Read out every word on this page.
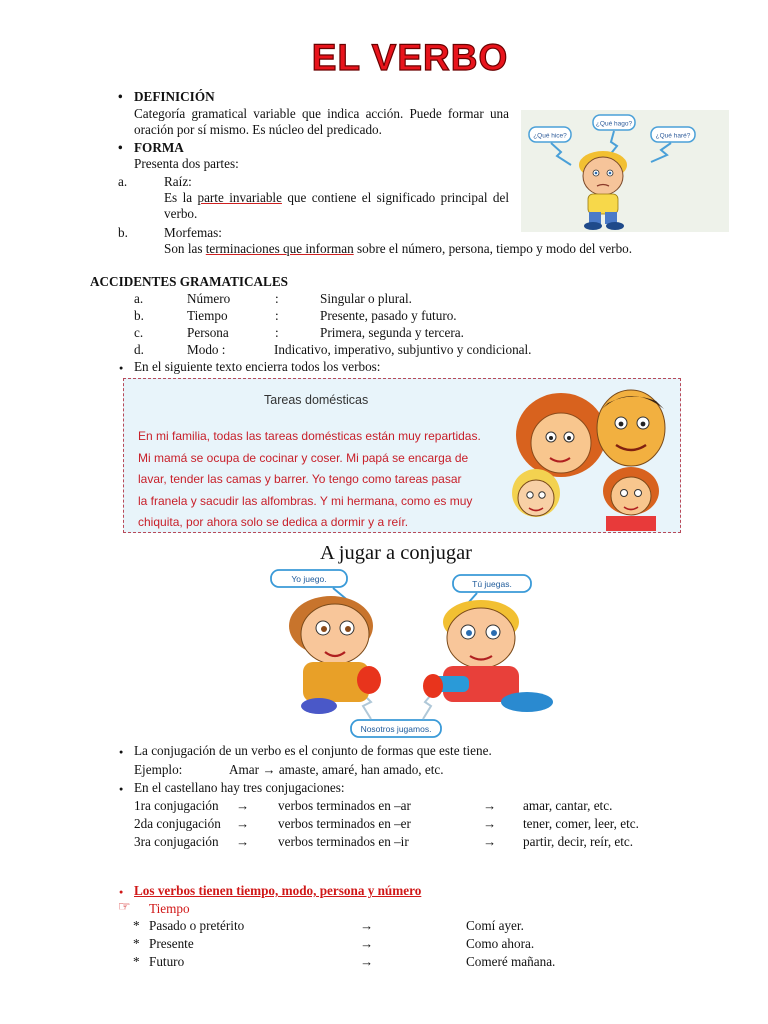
EL VERBO
• DEFINICIÓN
Categoría gramatical variable que indica acción. Puede formar una oración por sí mismo. Es núcleo del predicado.
• FORMA
Presenta dos partes:
a.	Raíz:
Es la parte invariable que contiene el significado principal del verbo.
b.	Morfemas:
Son las terminaciones que informan sobre el número, persona, tiempo y modo del verbo.
¿Qué hago?
¿Qué hice?	¿Qué haré?
ACCIDENTES GRAMATICALES
a.	Número	:	Singular o plural.
b.	Tiempo	:	Presente, pasado y futuro.
c.	Persona	:	Primera, segunda y tercera.
d.	Modo :	Indicativo, imperativo, subjuntivo y condicional.
● En el siguiente texto encierra todos los verbos:
Tareas domésticas
En mi familia, todas las tareas domésticas están muy repartidas.
Mi mamá se ocupa de cocinar y coser. Mi papá se encarga de
lavar, tender las camas y barrer. Yo tengo como tareas pasar
la franela y sacudir las alfombras. Y mi hermana, como es muy
chiquita, por ahora solo se dedica a dormir y a reír.
A jugar a conjugar
Yo juego.	Tú juegas.
Nosotros jugamos.
● La conjugación de un verbo es el conjunto de formas que este tiene.
Ejemplo:	Amar → amaste, amaré, han amado, etc.
● En el castellano hay tres conjugaciones:
1ra conjugación → verbos terminados en –ar	→ amar, cantar, etc.
2da conjugación → verbos terminados en –er	→ tener, comer, leer, etc.
3ra conjugación → verbos terminados en –ir	→ partir, decir, reír, etc.
● Los verbos tienen tiempo, modo, persona y número
☞ Tiempo
* Pasado o pretérito	→	Comí ayer.
* Presente	→	Como ahora.
* Futuro	→	Comeré mañana.
